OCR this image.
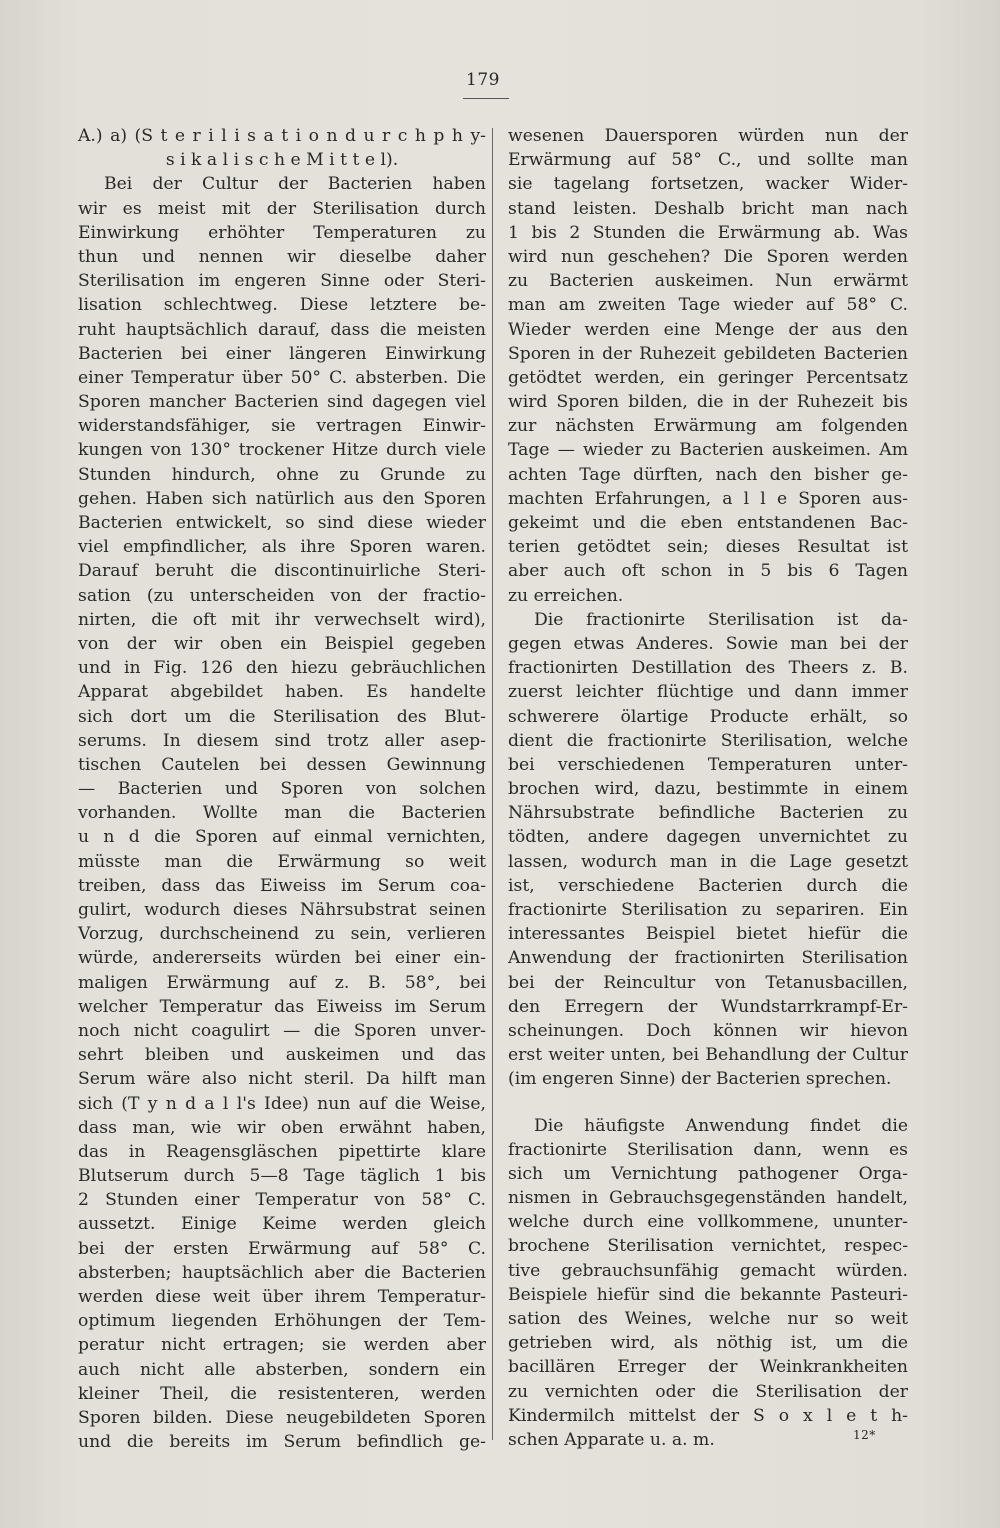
179
A.) a) (S t e r i l i s a t i o n d u r c h p h y-
s i k a l i s c h e M i t t e l).
Bei der Cultur der Bacterien haben
wir es meist mit der Sterilisation durch
Einwirkung erhöhter Temperaturen zu
thun und nennen wir dieselbe daher
Sterilisation im engeren Sinne oder Steri-
lisation schlechtweg. Diese letztere be-
ruht hauptsächlich darauf, dass die meisten
Bacterien bei einer längeren Einwirkung
einer Temperatur über 50° C. absterben. Die
Sporen mancher Bacterien sind dagegen viel
widerstandsfähiger, sie vertragen Einwir-
kungen von 130° trockener Hitze durch viele
Stunden hindurch, ohne zu Grunde zu
gehen. Haben sich natürlich aus den Sporen
Bacterien entwickelt, so sind diese wieder
viel empfindlicher, als ihre Sporen waren.
Darauf beruht die discontinuirliche Steri-
sation (zu unterscheiden von der fractio-
nirten, die oft mit ihr verwechselt wird),
von der wir oben ein Beispiel gegeben
und in Fig. 126 den hiezu gebräuchlichen
Apparat abgebildet haben. Es handelte
sich dort um die Sterilisation des Blut-
serums. In diesem sind trotz aller asep-
tischen Cautelen bei dessen Gewinnung
— Bacterien und Sporen von solchen
vorhanden. Wollte man die Bacterien
u n d die Sporen auf einmal vernichten,
müsste man die Erwärmung so weit
treiben, dass das Eiweiss im Serum coa-
gulirt, wodurch dieses Nährsubstrat seinen
Vorzug, durchscheinend zu sein, verlieren
würde, andererseits würden bei einer ein-
maligen Erwärmung auf z. B. 58°, bei
welcher Temperatur das Eiweiss im Serum
noch nicht coagulirt — die Sporen unver-
sehrt bleiben und auskeimen und das
Serum wäre also nicht steril. Da hilft man
sich (T y n d a l l's Idee) nun auf die Weise,
dass man, wie wir oben erwähnt haben,
das in Reagensgläschen pipettirte klare
Blutserum durch 5—8 Tage täglich 1 bis
2 Stunden einer Temperatur von 58° C.
aussetzt. Einige Keime werden gleich
bei der ersten Erwärmung auf 58° C.
absterben; hauptsächlich aber die Bacterien
werden diese weit über ihrem Temperatur-
optimum liegenden Erhöhungen der Tem-
peratur nicht ertragen; sie werden aber
auch nicht alle absterben, sondern ein
kleiner Theil, die resistenteren, werden
Sporen bilden. Diese neugebildeten Sporen
und die bereits im Serum befindlich ge-
wesenen Dauersporen würden nun der
Erwärmung auf 58° C., und sollte man
sie tagelang fortsetzen, wacker Wider-
stand leisten. Deshalb bricht man nach
1 bis 2 Stunden die Erwärmung ab. Was
wird nun geschehen? Die Sporen werden
zu Bacterien auskeimen. Nun erwärmt
man am zweiten Tage wieder auf 58° C.
Wieder werden eine Menge der aus den
Sporen in der Ruhezeit gebildeten Bacterien
getödtet werden, ein geringer Percentsatz
wird Sporen bilden, die in der Ruhezeit bis
zur nächsten Erwärmung am folgenden
Tage — wieder zu Bacterien auskeimen. Am
achten Tage dürften, nach den bisher ge-
machten Erfahrungen, a l l e Sporen aus-
gekeimt und die eben entstandenen Bac-
terien getödtet sein; dieses Resultat ist
aber auch oft schon in 5 bis 6 Tagen
zu erreichen.
Die fractionirte Sterilisation ist da-
gegen etwas Anderes. Sowie man bei der
fractionirten Destillation des Theers z. B.
zuerst leichter flüchtige und dann immer
schwerere ölartige Producte erhält, so
dient die fractionirte Sterilisation, welche
bei verschiedenen Temperaturen unter-
brochen wird, dazu, bestimmte in einem
Nährsubstrate befindliche Bacterien zu
tödten, andere dagegen unvernichtet zu
lassen, wodurch man in die Lage gesetzt
ist, verschiedene Bacterien durch die
fractionirte Sterilisation zu separiren. Ein
interessantes Beispiel bietet hiefür die
Anwendung der fractionirten Sterilisation
bei der Reincultur von Tetanusbacillen,
den Erregern der Wundstarrkrampf-Er-
scheinungen. Doch können wir hievon
erst weiter unten, bei Behandlung der Cultur
(im engeren Sinne) der Bacterien sprechen.
Die häufigste Anwendung findet die
fractionirte Sterilisation dann, wenn es
sich um Vernichtung pathogener Orga-
nismen in Gebrauchsgegenständen handelt,
welche durch eine vollkommene, ununter-
brochene Sterilisation vernichtet, respec-
tive gebrauchsunfähig gemacht würden.
Beispiele hiefür sind die bekannte Pasteuri-
sation des Weines, welche nur so weit
getrieben wird, als nöthig ist, um die
bacillären Erreger der Weinkrankheiten
zu vernichten oder die Sterilisation der
Kindermilch mittelst der S o x l e t h-
schen Apparate u. a. m.	12*
